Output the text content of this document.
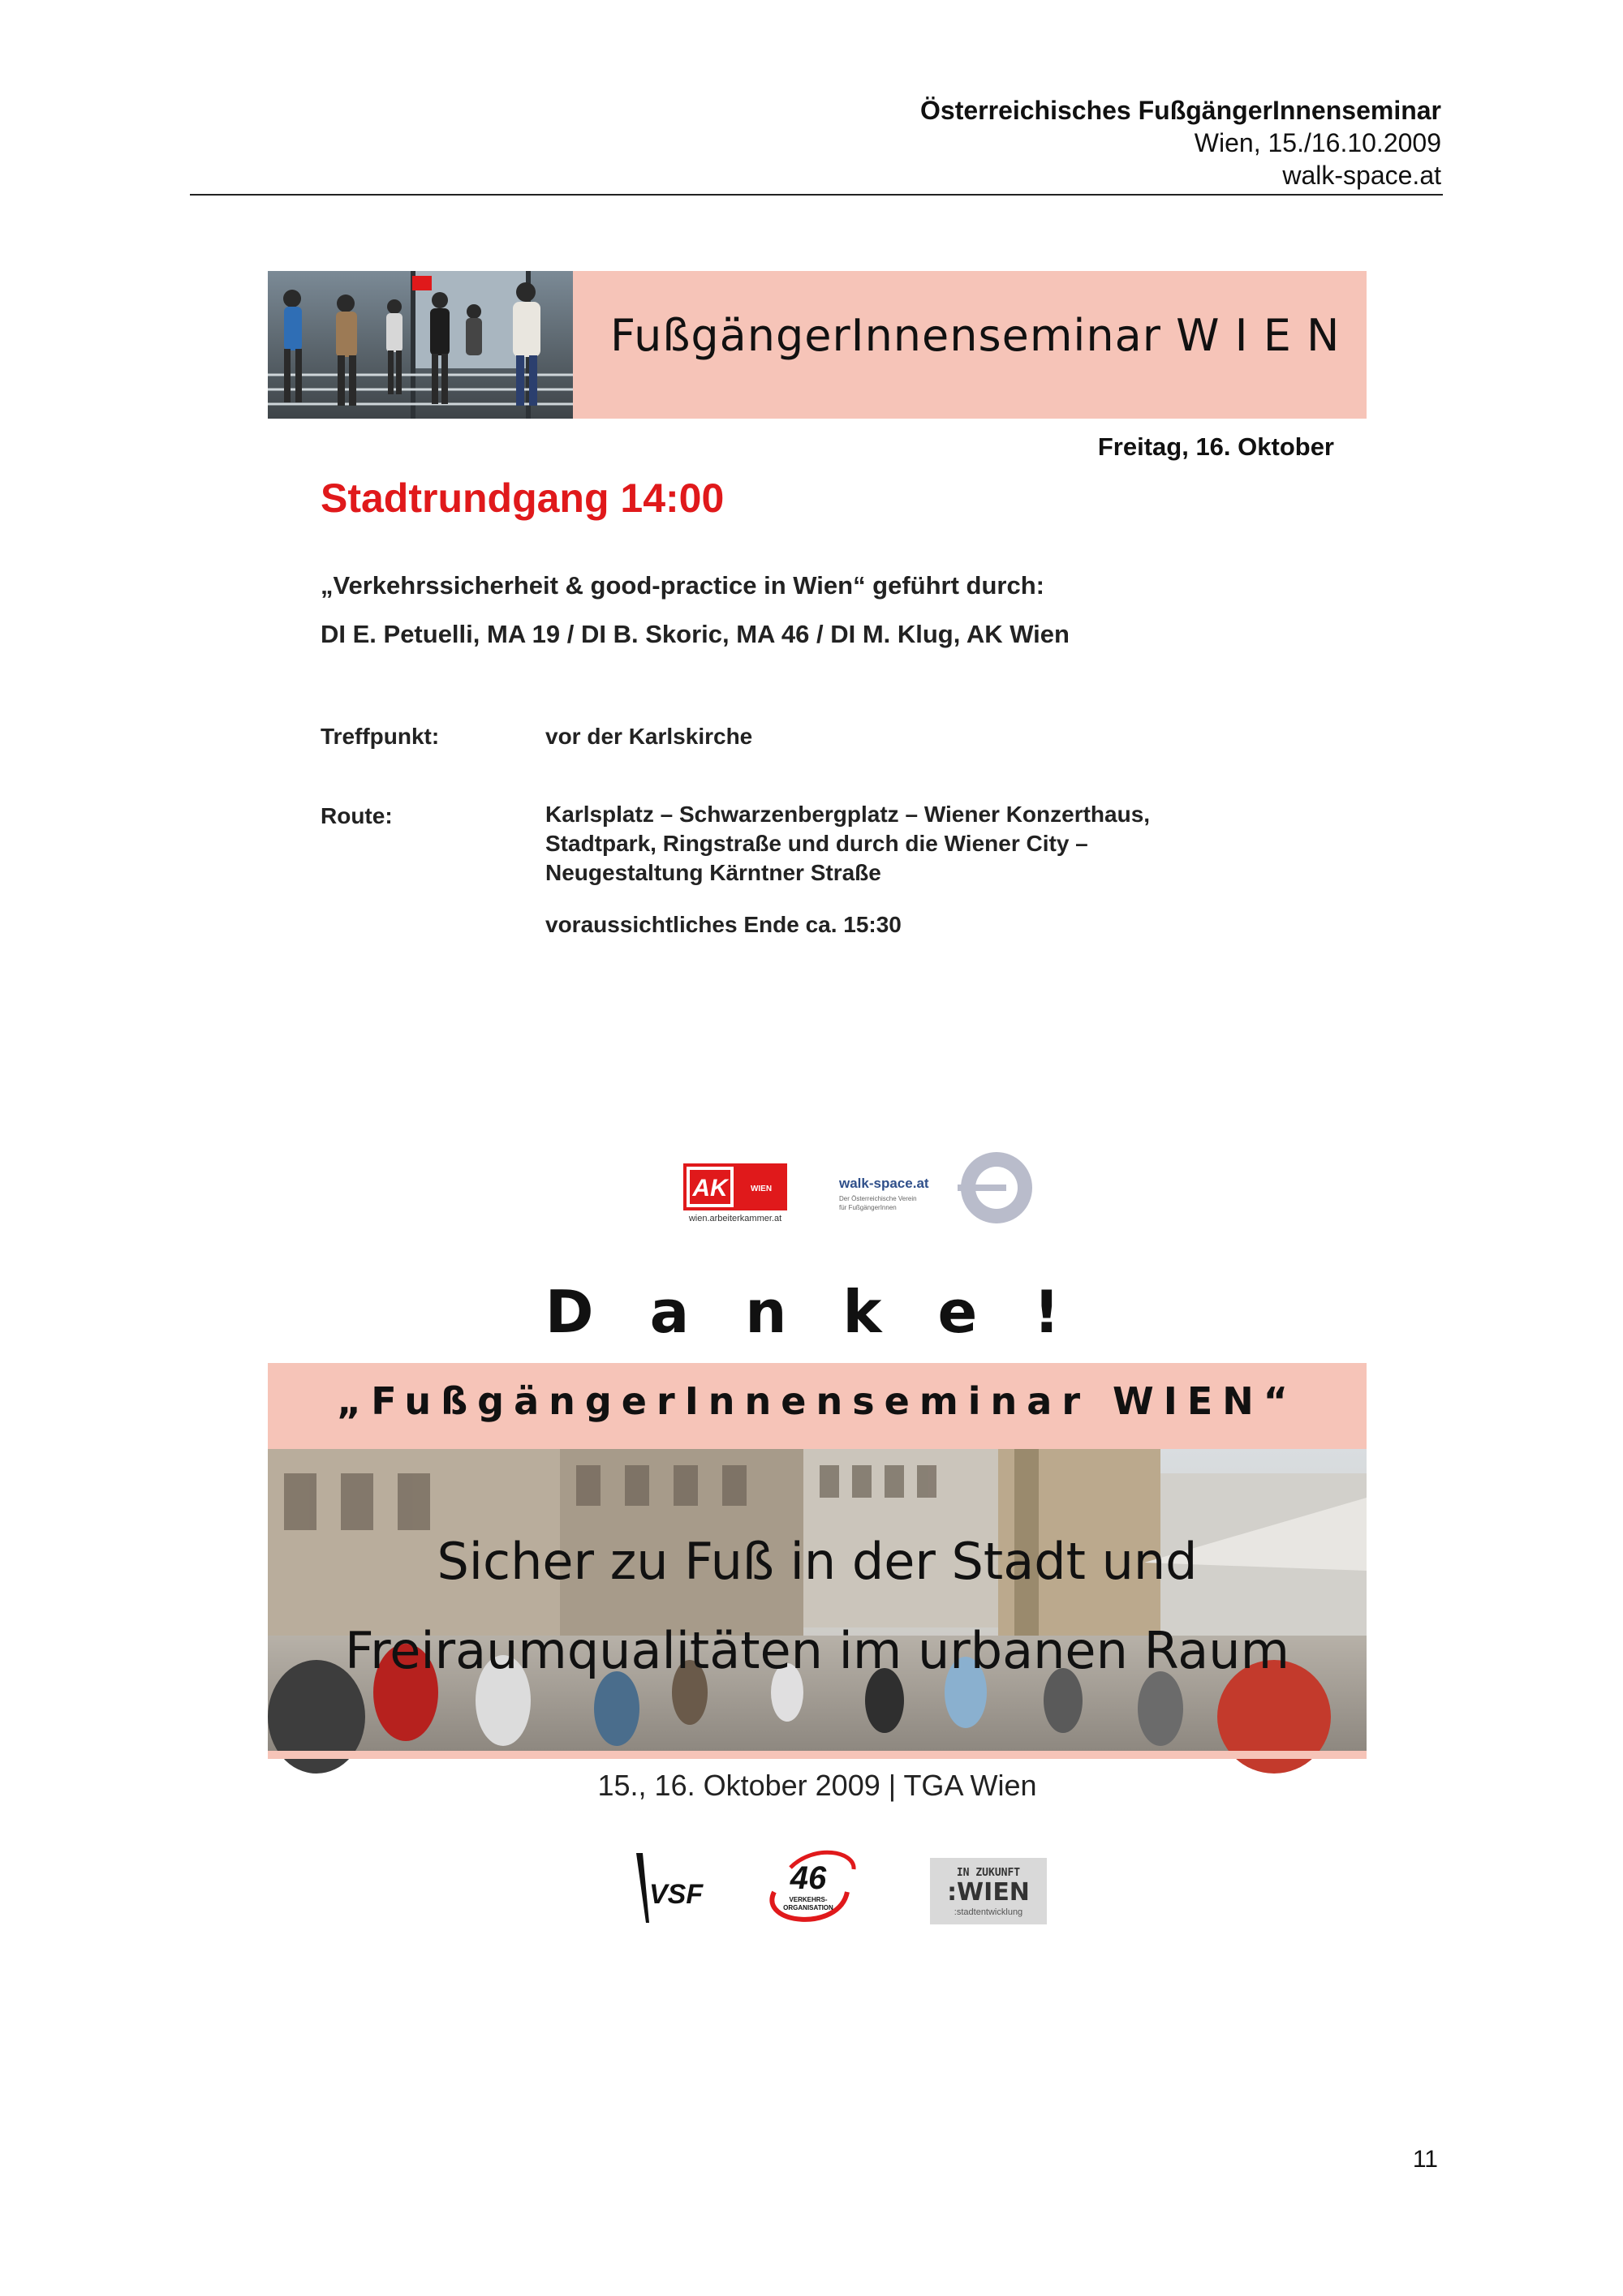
Österreichisches FußgängerInnenseminar
Wien, 15./16.10.2009
walk-space.at
FußgängerInnenseminar W I E N
Freitag, 16. Oktober
Stadtrundgang 14:00
„Verkehrssicherheit & good-practice in Wien“ geführt durch:
DI E. Petuelli, MA 19 / DI B. Skoric, MA 46 / DI M. Klug, AK Wien
Treffpunkt:	vor der Karlskirche
Route:	Karlsplatz – Schwarzenbergplatz – Wiener Konzerthaus,
Stadtpark, Ringstraße und durch die Wiener City –
Neugestaltung Kärntner Straße
voraussichtliches Ende ca. 15:30
AK	WIEN
wien.arbeiterkammer.at
walk-space.at
Der Österreichische Verein
für FußgängerInnen
D a n k e !
„FußgängerInnenseminar WIEN“
Sicher zu Fuß in der Stadt und
Freiraumqualitäten im urbanen Raum
15., 16. Oktober 2009 | TGA Wien
VSF	46
VERKEHRS-
ORGANISATION
IN ZUKUNFT
:WIEN
:stadtentwicklung
11
